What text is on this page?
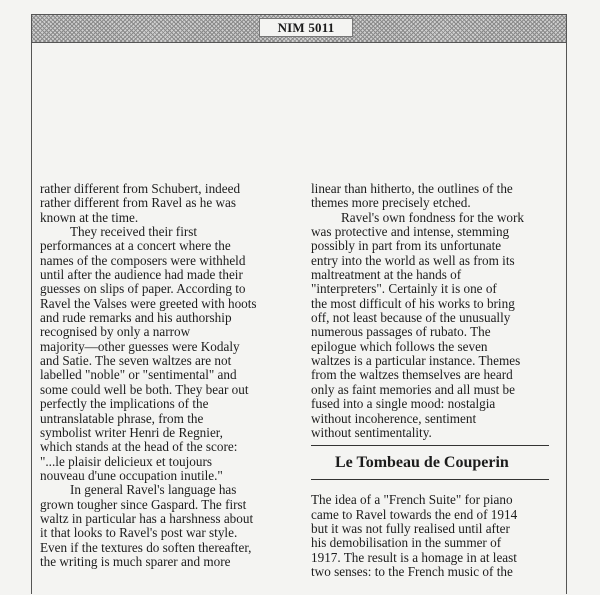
NIM 5011

rather different from Schubert, indeed
rather different from Ravel as he was
known at the time.

They received their first
performances at a concert where the
names of the composers were withheld
until after the audience had made their
guesses on slips of paper. According to
Ravel the Valses were greeted with hoots
and rude remarks and his authorship
recognised by only a narrow
majority—other guesses were Kodaly
and Satie. The seven waltzes are not
labelled "noble" or "sentimental" and
some could well be both. They bear out
perfectly the implications of the
untranslatable phrase, from the
symbolist writer Henri de Regnier,
which stands at the head of the score:
"...le plaisir delicieux et toujours
nouveau d'une occupation inutile."

In general Ravel's language has
grown tougher since Gaspard. The first
waltz in particular has a harshness about
it that looks to Ravel's post war style.
Even if the textures do soften thereafter,
the writing is much sparer and more

linear than hitherto, the outlines of the
themes more precisely etched.

Ravel's own fondness for the work
was protective and intense, stemming
possibly in part from its unfortunate
entry into the world as well as from its
maltreatment at the hands of
"interpreters". Certainly it is one of
the most difficult of his works to bring
off, not least because of the unusually
numerous passages of rubato. The
epilogue which follows the seven
waltzes is a particular instance. Themes
from the waltzes themselves are heard
only as faint memories and all must be
fused into a single mood: nostalgia
without incoherence, sentiment
without sentimentality.

Le Tombeau de Couperin

The idea of a "French Suite" for piano
came to Ravel towards the end of 1914
but it was not fully realised until after
his demobilisation in the summer of
1917. The result is a homage in at least
two senses: to the French music of the
